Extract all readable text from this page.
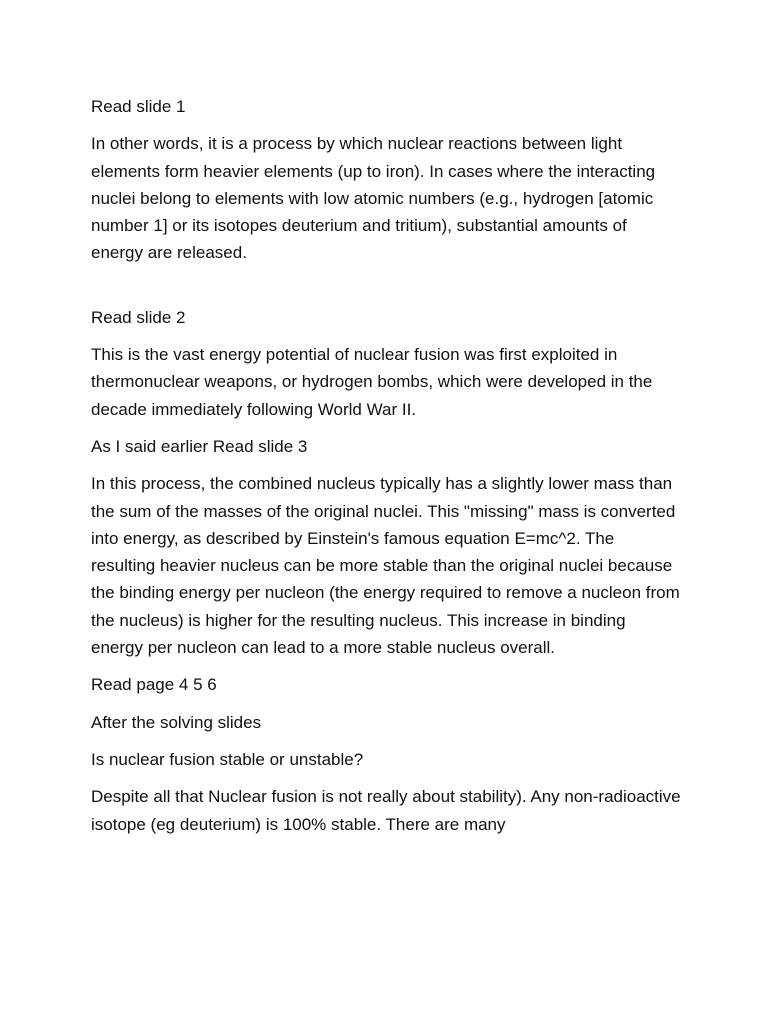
Read slide 1

In other words, it is a process by which nuclear reactions between light elements form heavier elements (up to iron). In cases where the interacting nuclei belong to elements with low atomic numbers (e.g., hydrogen [atomic number 1] or its isotopes deuterium and tritium), substantial amounts of energy are released.

Read slide 2

This is the vast energy potential of nuclear fusion was first exploited in thermonuclear weapons, or hydrogen bombs, which were developed in the decade immediately following World War II.

As I said earlier Read slide 3

In this process, the combined nucleus typically has a slightly lower mass than the sum of the masses of the original nuclei. This "missing" mass is converted into energy, as described by Einstein's famous equation E=mc^2. The resulting heavier nucleus can be more stable than the original nuclei because the binding energy per nucleon (the energy required to remove a nucleon from the nucleus) is higher for the resulting nucleus. This increase in binding energy per nucleon can lead to a more stable nucleus overall.

Read page 4 5 6

After the solving slides

Is nuclear fusion stable or unstable?

Despite all that Nuclear fusion is not really about stability). Any non-radioactive isotope (eg deuterium) is 100% stable. There are many
